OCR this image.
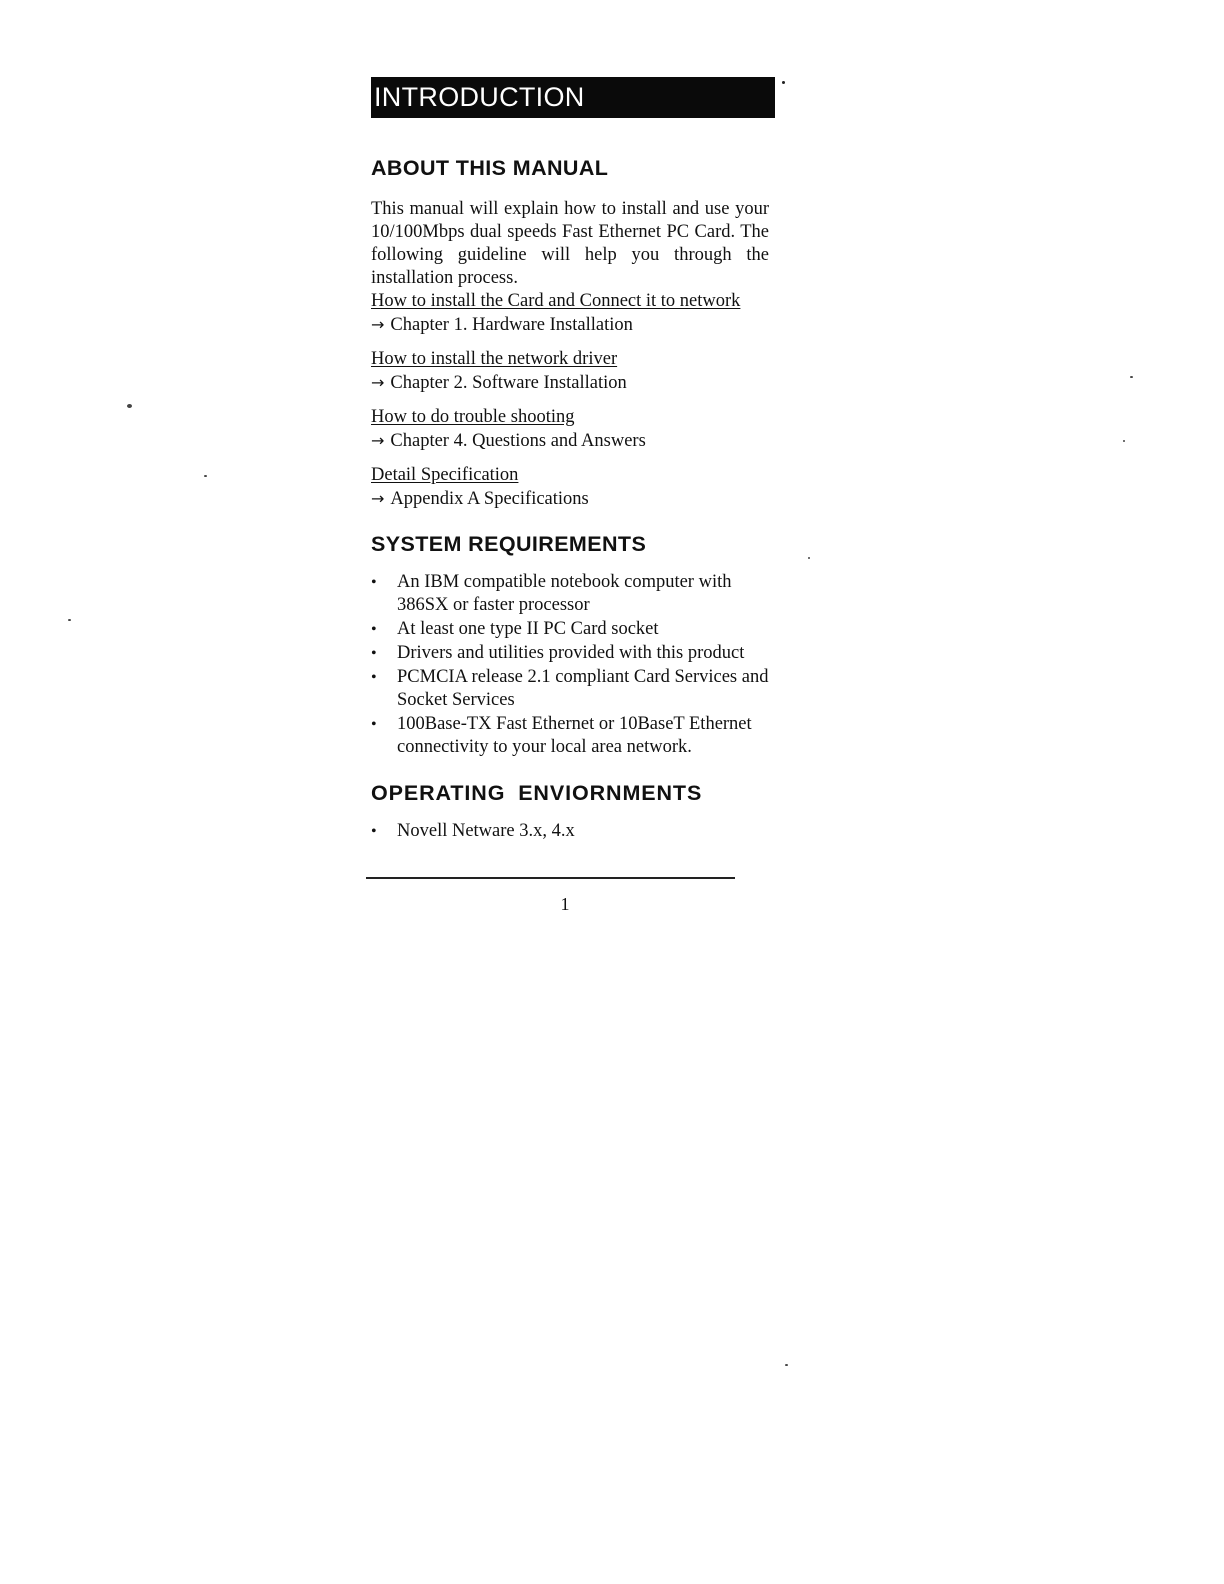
INTRODUCTION
ABOUT THIS MANUAL

This manual will explain how to install and use your 10/100Mbps dual speeds Fast Ethernet PC Card. The following guideline will help you through the installation process.

How to install the Card and Connect it to network
→ Chapter 1. Hardware Installation
How to install the network driver
→ Chapter 2. Software Installation
How to do trouble shooting
→ Chapter 4. Questions and Answers
Detail Specification
→ Appendix A Specifications
SYSTEM REQUIREMENTS
• An IBM compatible notebook computer with 386SX or faster processor
• At least one type II PC Card socket
• Drivers and utilities provided with this product
• PCMCIA release 2.1 compliant Card Services and Socket Services
• 100Base-TX Fast Ethernet or 10BaseT Ethernet connectivity to your local area network.
OPERATING ENVIORNMENTS
• Novell Netware 3.x, 4.x
1
